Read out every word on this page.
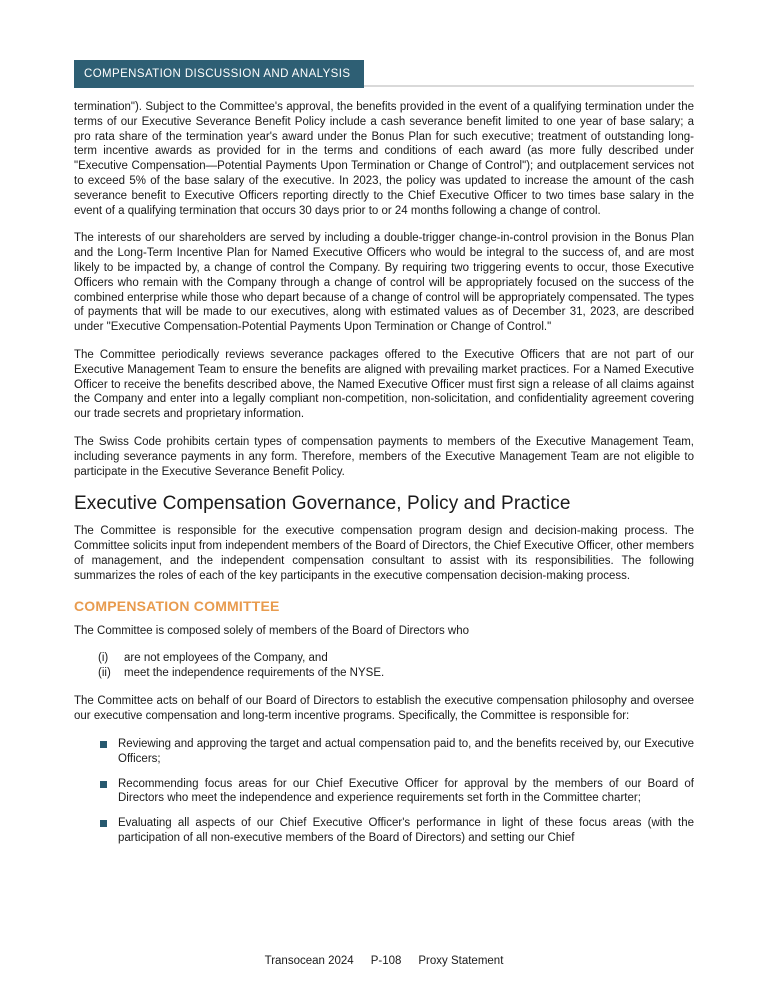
COMPENSATION DISCUSSION AND ANALYSIS
termination"). Subject to the Committee's approval, the benefits provided in the event of a qualifying termination under the terms of our Executive Severance Benefit Policy include a cash severance benefit limited to one year of base salary; a pro rata share of the termination year's award under the Bonus Plan for such executive; treatment of outstanding long-term incentive awards as provided for in the terms and conditions of each award (as more fully described under "Executive Compensation—Potential Payments Upon Termination or Change of Control"); and outplacement services not to exceed 5% of the base salary of the executive. In 2023, the policy was updated to increase the amount of the cash severance benefit to Executive Officers reporting directly to the Chief Executive Officer to two times base salary in the event of a qualifying termination that occurs 30 days prior to or 24 months following a change of control.
The interests of our shareholders are served by including a double-trigger change-in-control provision in the Bonus Plan and the Long-Term Incentive Plan for Named Executive Officers who would be integral to the success of, and are most likely to be impacted by, a change of control the Company. By requiring two triggering events to occur, those Executive Officers who remain with the Company through a change of control will be appropriately focused on the success of the combined enterprise while those who depart because of a change of control will be appropriately compensated. The types of payments that will be made to our executives, along with estimated values as of December 31, 2023, are described under "Executive Compensation-Potential Payments Upon Termination or Change of Control."
The Committee periodically reviews severance packages offered to the Executive Officers that are not part of our Executive Management Team to ensure the benefits are aligned with prevailing market practices. For a Named Executive Officer to receive the benefits described above, the Named Executive Officer must first sign a release of all claims against the Company and enter into a legally compliant non-competition, non-solicitation, and confidentiality agreement covering our trade secrets and proprietary information.
The Swiss Code prohibits certain types of compensation payments to members of the Executive Management Team, including severance payments in any form. Therefore, members of the Executive Management Team are not eligible to participate in the Executive Severance Benefit Policy.
Executive Compensation Governance, Policy and Practice
The Committee is responsible for the executive compensation program design and decision-making process. The Committee solicits input from independent members of the Board of Directors, the Chief Executive Officer, other members of management, and the independent compensation consultant to assist with its responsibilities. The following summarizes the roles of each of the key participants in the executive compensation decision-making process.
COMPENSATION COMMITTEE
The Committee is composed solely of members of the Board of Directors who
(i)	are not employees of the Company, and
(ii)	meet the independence requirements of the NYSE.
The Committee acts on behalf of our Board of Directors to establish the executive compensation philosophy and oversee our executive compensation and long-term incentive programs. Specifically, the Committee is responsible for:
Reviewing and approving the target and actual compensation paid to, and the benefits received by, our Executive Officers;
Recommending focus areas for our Chief Executive Officer for approval by the members of our Board of Directors who meet the independence and experience requirements set forth in the Committee charter;
Evaluating all aspects of our Chief Executive Officer's performance in light of these focus areas (with the participation of all non-executive members of the Board of Directors) and setting our Chief
Transocean 2024 P-108 Proxy Statement
